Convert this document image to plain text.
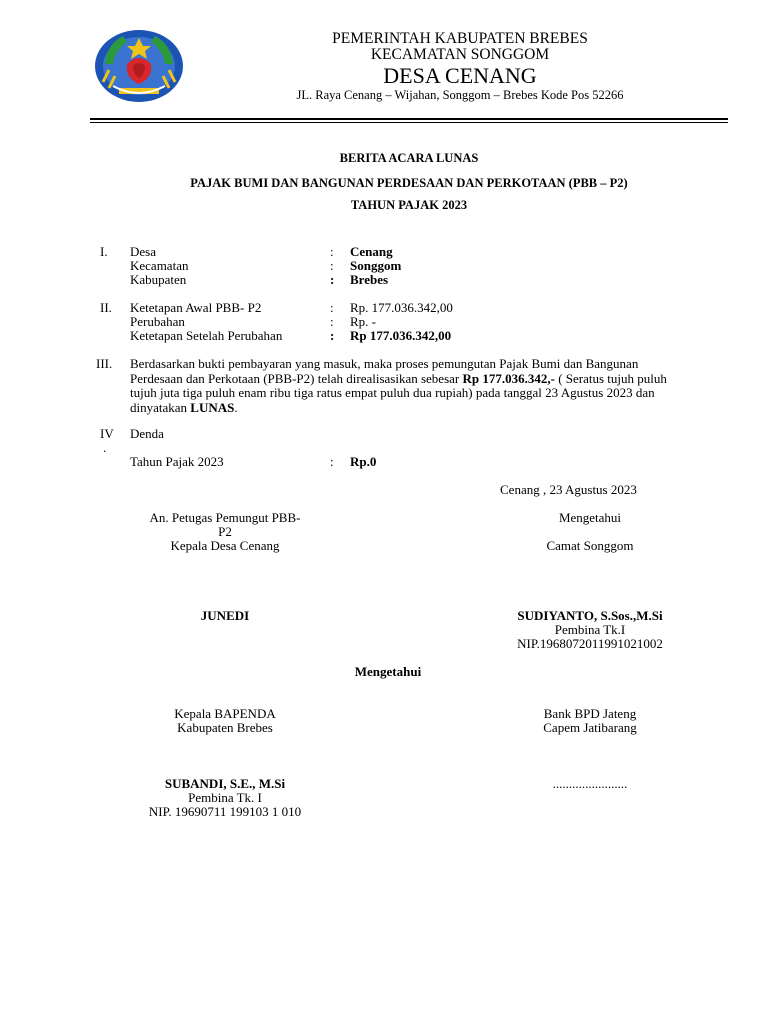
PEMERINTAH KABUPATEN BREBES
KECAMATAN SONGGOM
DESA CENANG
JL. Raya Cenang – Wijahan, Songgom – Brebes Kode Pos 52266
BERITA ACARA LUNAS
PAJAK BUMI DAN BANGUNAN PERDESAAN DAN PERKOTAAN (PBB – P2)
TAHUN PAJAK 2023
I. Desa	: Cenang
Kecamatan	: Songgom
Kabupaten	: Brebes
II. Ketetapan Awal PBB- P2	: Rp. 177.036.342,00
Perubahan	: Rp. -
Ketetapan Setelah Perubahan	: Rp 177.036.342,00
III. Berdasarkan bukti pembayaran yang masuk, maka proses pemungutan Pajak Bumi dan Bangunan Perdesaan dan Perkotaan (PBB-P2) telah direalisasikan sebesar Rp 177.036.342,- ( Seratus tujuh puluh tujuh juta tiga puluh enam ribu tiga ratus empat puluh dua rupiah) pada tanggal 23 Agustus 2023 dan dinyatakan LUNAS.
IV
.
Denda
Tahun Pajak 2023	: Rp.0
Cenang , 23 Agustus 2023
An. Petugas Pemungut PBB-
P2
Kepala Desa Cenang
JUNEDI
Mengetahui
Camat Songgom
SUDIYANTO, S.Sos.,M.Si
Pembina Tk.I
NIP.196807201199102100​2
Mengetahui
Kepala BAPENDA
Kabupaten Brebes
SUBANDI, S.E., M.Si
Pembina Tk. I
NIP. 19690711 199103 1 010
Bank BPD Jateng
Capem Jatibarang
.......................
